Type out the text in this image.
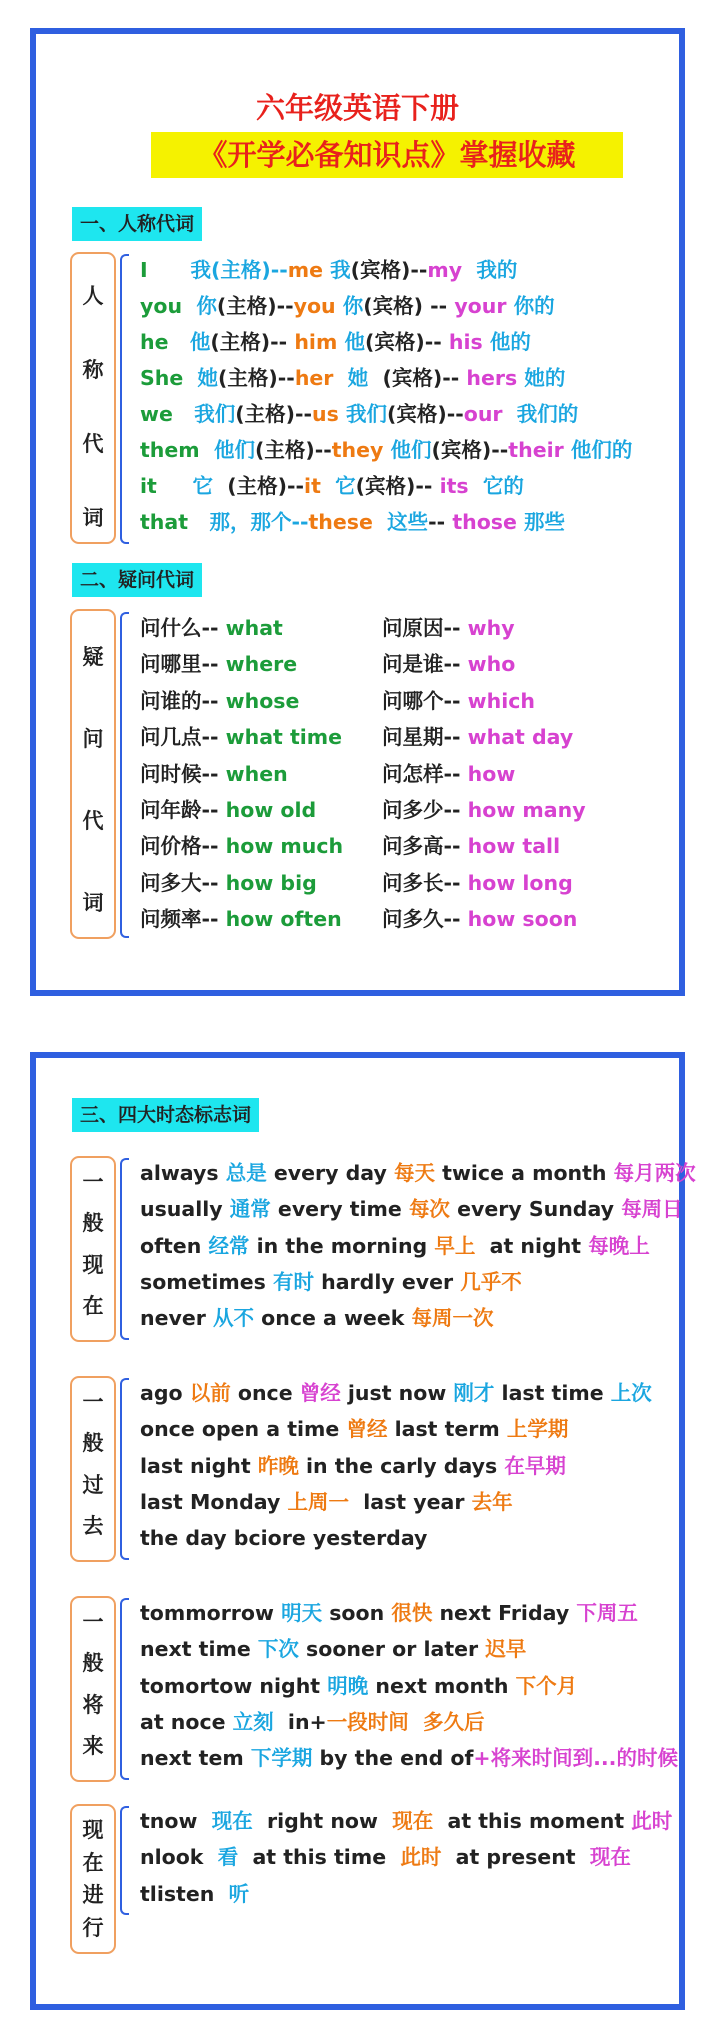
六年级英语下册
《开学必备知识点》掌握收藏
一、人称代词
人
称
代
词
I      我(主格)--me 我(宾格)--my  我的
you  你(主格)--you 你(宾格) -- your 你的
he   他(主格)-- him 他(宾格)-- his 他的
She  她(主格)--her  她  (宾格)-- hers 她的
we   我们(主格)--us 我们(宾格)--our  我们的
them  他们(主格)--they 他们(宾格)--their 他们的
it     它  (主格)--it  它(宾格)-- its  它的
that   那，那个--these  这些-- those 那些
二、疑问代词
疑
问
代
词
问什么-- what	问原因-- why
问哪里-- where	问是谁-- who
问谁的-- whose	问哪个-- which
问几点-- what time 问星期-- what day
问时候-- when	问怎样-- how
问年龄-- how old	问多少-- how many
问价格-- how much 问多高-- how tall
问多大-- how big	问多长-- how long
问频率-- how often 问多久-- how soon
三、四大时态标志词
一
般
现
在
always 总是 every day 每天 twice a month 每月两次
usually 通常 every time 每次 every Sunday 每周日
often 经常 in the morning 早上  at night 每晚上
sometimes 有时 hardly ever 几乎不
never 从不 once a week 每周一次
一
般
过
去
ago 以前 once 曾经 just now 刚才 last time 上次
once open a time 曾经 last term 上学期
last night 昨晚 in the carly days 在早期
last Monday 上周一  last year 去年
the day bciore yesterday
一
般
将
来
tommorrow 明天 soon 很快 next Friday 下周五
next time 下次 sooner or later 迟早
tomortow night 明晚 next month 下个月
at noce 立刻  in+一段时间  多久后
next tem 下学期 by the end of+将来时间到...的时候
现
在
进
行
tnow  现在  right now  现在  at this moment 此时
nlook  看  at this time  此时  at present  现在
tlisten  听
